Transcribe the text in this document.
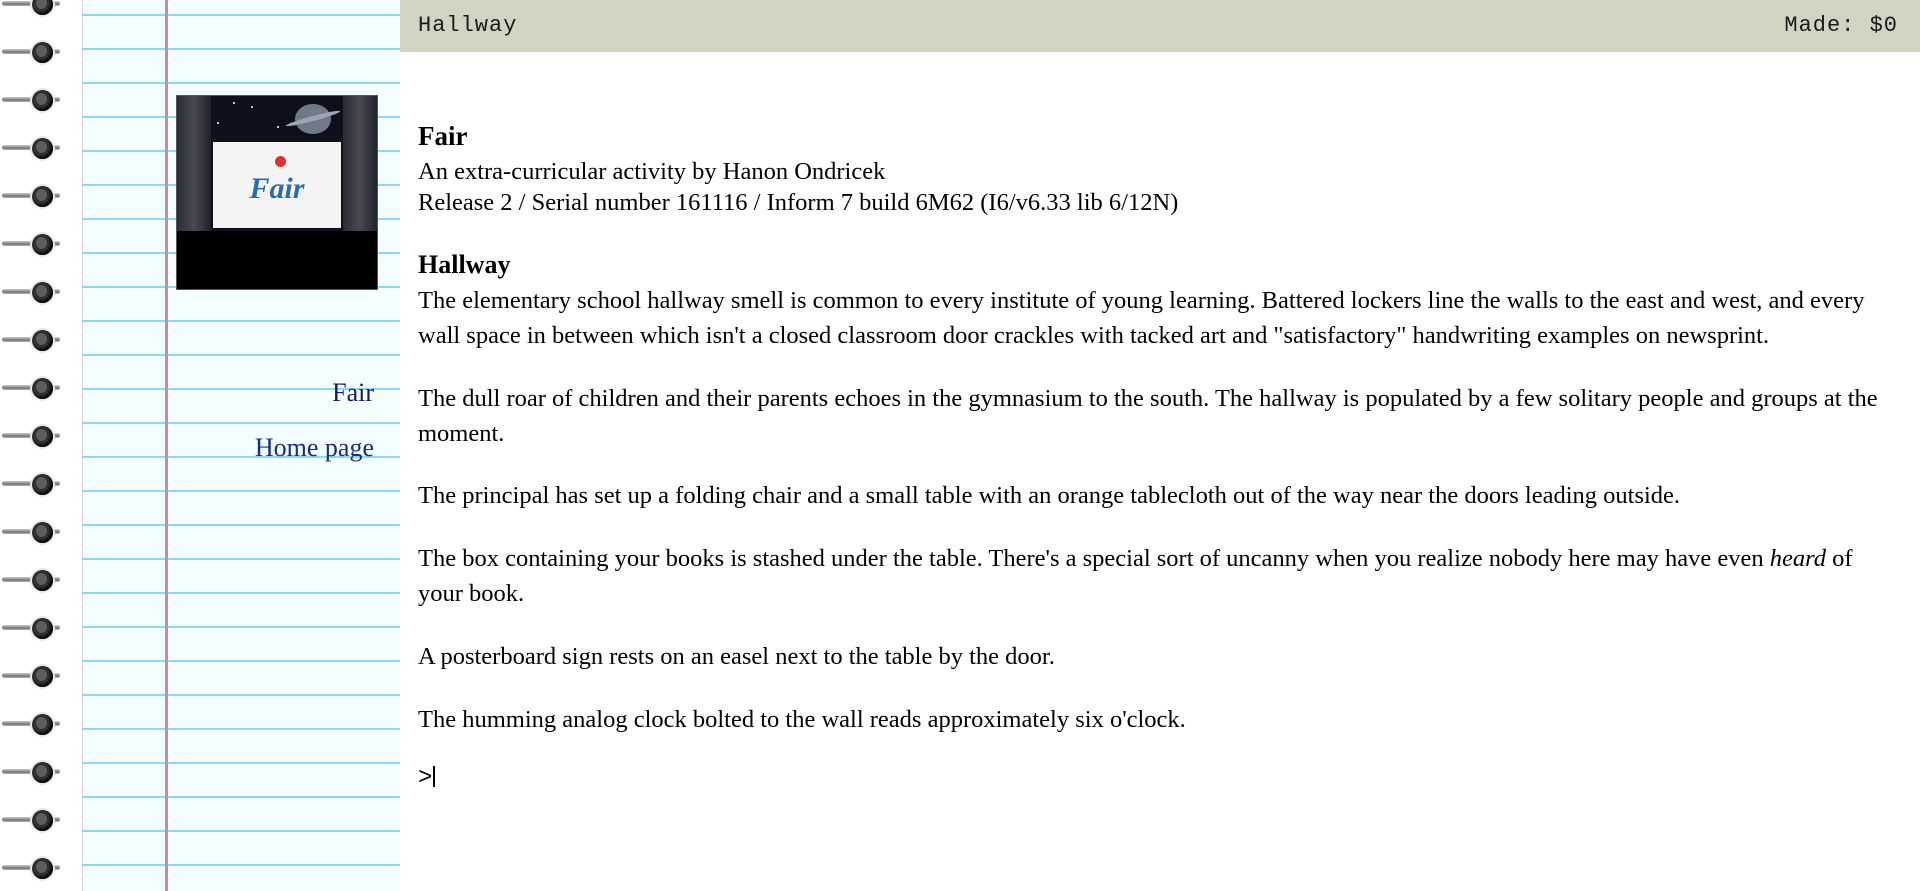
Fair
Fair
Home page
Hallway	Made: $0
Fair
An extra-curricular activity by Hanon Ondricek
Release 2 / Serial number 161116 / Inform 7 build 6M62 (I6/v6.33 lib 6/12N)
Hallway

The elementary school hallway smell is common to every institute of young learning. Battered lockers line the walls to the east and west, and every wall space in between which isn't a closed classroom door crackles with tacked art and "satisfactory" handwriting examples on newsprint.

The dull roar of children and their parents echoes in the gymnasium to the south. The hallway is populated by a few solitary people and groups at the moment.

The principal has set up a folding chair and a small table with an orange tablecloth out of the way near the doors leading outside.

The box containing your books is stashed under the table. There's a special sort of uncanny when you realize nobody here may have even heard of your book.

A posterboard sign rests on an easel next to the table by the door.

The humming analog clock bolted to the wall reads approximately six o'clock.

>
